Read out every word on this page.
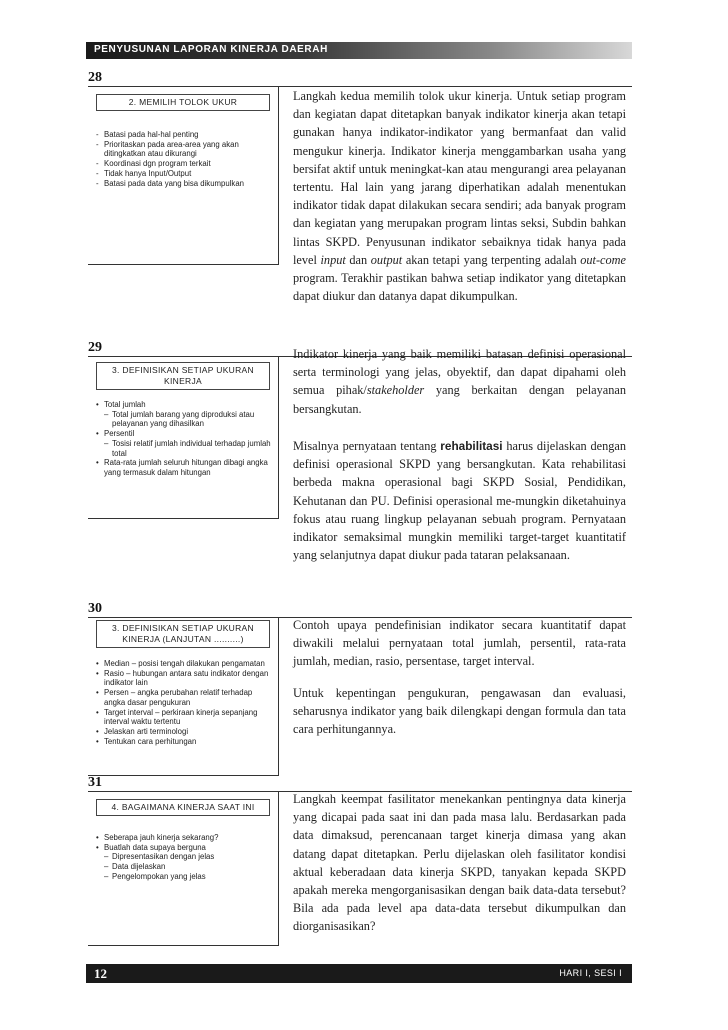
PENYUSUNAN LAPORAN KINERJA DAERAH
28
2. MEMILIH TOLOK UKUR
- Batasi pada hal-hal penting
- Prioritaskan pada area-area yang akan ditingkatkan atau dikurangi
- Koordinasi dgn program terkait
- Tidak hanya Input/Output
- Batasi pada data yang bisa dikumpulkan

Langkah kedua memilih tolok ukur kinerja. Untuk setiap program dan kegiatan dapat ditetapkan banyak indikator kinerja akan tetapi gunakan hanya indikator-indikator yang bermanfaat dan valid mengukur kinerja. Indikator kinerja menggambarkan usaha yang bersifat aktif untuk meningkat-kan atau mengurangi area pelayanan tertentu. Hal lain yang jarang diperhatikan adalah menentukan indikator tidak dapat dilakukan secara sendiri; ada banyak program dan kegiatan yang merupakan program lintas seksi, Subdin bahkan lintas SKPD. Penyusunan indikator sebaiknya tidak hanya pada level input dan output akan tetapi yang terpenting adalah out-come program. Terakhir pastikan bahwa setiap indikator yang ditetapkan dapat diukur dan datanya dapat dikumpulkan.

29
3. DEFINISIKAN SETIAP UKURAN KINERJA
• Total jumlah
– Total jumlah barang yang diproduksi atau pelayanan yang dihasilkan
• Persentil
– Tosisi relatif jumlah individual terhadap jumlah total
• Rata-rata jumlah seluruh hitungan dibagi angka yang termasuk dalam hitungan

Indikator kinerja yang baik memiliki batasan definisi operasional serta terminologi yang jelas, obyektif, dan dapat dipahami oleh semua pihak/stakeholder yang berkaitan dengan pelayanan bersangkutan.

Misalnya pernyataan tentang rehabilitasi harus dijelaskan dengan definisi operasional SKPD yang bersangkutan. Kata rehabilitasi berbeda makna operasional bagi SKPD Sosial, Pendidikan, Kehutanan dan PU. Definisi operasional me-mungkin diketahuinya fokus atau ruang lingkup pelayanan sebuah program. Pernyataan indikator semaksimal mungkin memiliki target-target kuantitatif yang selanjutnya dapat diukur pada tataran pelaksanaan.

30
3. DEFINISIKAN SETIAP UKURAN KINERJA (LANJUTAN ..........)
• Median – posisi tengah dilakukan pengamatan
• Rasio – hubungan antara satu indikator dengan indikator lain
• Persen – angka perubahan relatif terhadap angka dasar pengukuran
• Target interval – perkiraan kinerja sepanjang interval waktu tertentu
• Jelaskan arti terminologi
• Tentukan cara perhitungan

Contoh upaya pendefinisian indikator secara kuantitatif dapat diwakili melalui pernyataan total jumlah, persentil, rata-rata jumlah, median, rasio, persentase, target interval.

Untuk kepentingan pengukuran, pengawasan dan evaluasi, seharusnya indikator yang baik dilengkapi dengan formula dan tata cara perhitungannya.

31
4. BAGAIMANA KINERJA SAAT INI
• Seberapa jauh kinerja sekarang?
• Buatlah data supaya berguna
– Dipresentasikan dengan jelas
– Data dijelaskan
– Pengelompokan yang jelas

Langkah keempat fasilitator menekankan pentingnya data kinerja yang dicapai pada saat ini dan pada masa lalu. Berdasarkan pada data dimaksud, perencanaan target kinerja dimasa yang akan datang dapat ditetapkan. Perlu dijelaskan oleh fasilitator kondisi aktual keberadaan data kinerja SKPD, tanyakan kepada SKPD apakah mereka mengorganisasikan dengan baik data-data tersebut? Bila ada pada level apa data-data tersebut dikumpulkan dan diorganisasikan?

12	HARI I, SESI I
